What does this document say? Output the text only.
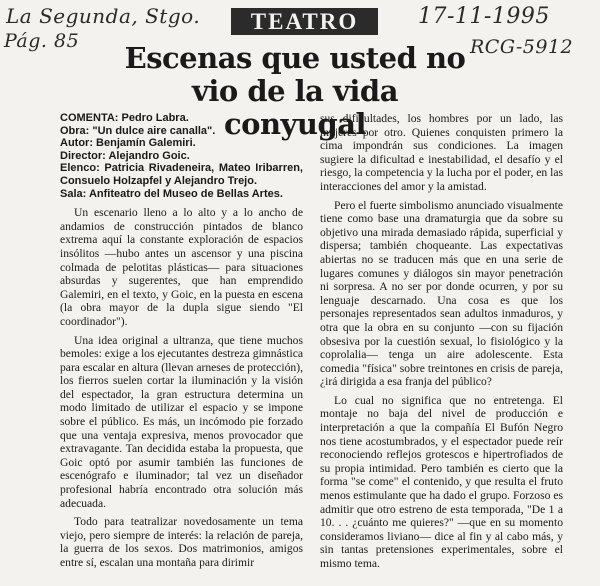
La Segunda, Stgo.
Pág. 85
17-11-1995
RCG-5912
TEATRO
Escenas que usted no vio de la vida conyugal

COMENTA: Pedro Labra.

Obra: "Un dulce aire canalla".

Autor: Benjamín Galemiri.

Director: Alejandro Goic.

Elenco: Patricia Rivadeneira, Mateo Iribarren, Consuelo Holzapfel y Alejandro Trejo.

Sala: Anfiteatro del Museo de Bellas Artes.

Un escenario lleno a lo alto y a lo ancho de andamios de construcción pintados de blanco extrema aquí la constante exploración de espacios insólitos —hubo antes un ascensor y una piscina colmada de pelotitas plásticas— para situaciones absurdas y sugerentes, que han emprendido Galemiri, en el texto, y Goic, en la puesta en escena (la obra mayor de la dupla sigue siendo "El coordinador").

Una idea original a ultranza, que tiene muchos bemoles: exige a los ejecutantes destreza gimnástica para escalar en altura (llevan arneses de protección), los fierros suelen cortar la iluminación y la visión del espectador, la gran estructura determina un modo limitado de utilizar el espacio y se impone sobre el público. Es más, un incómodo pie forzado que una ventaja expresiva, menos provocador que extravagante. Tan decidida estaba la propuesta, que Goic optó por asumir también las funciones de escenógrafo e iluminador; tal vez un diseñador profesional habría encontrado otra solución más adecuada.

Todo para teatralizar novedosamente un tema viejo, pero siempre de interés: la relación de pareja, la guerra de los sexos. Dos matrimonios, amigos entre sí, escalan una montaña para dirimir

sus dificultades, los hombres por un lado, las mujeres por otro. Quienes conquisten primero la cima impondrán sus condiciones. La imagen sugiere la dificultad e inestabilidad, el desafío y el riesgo, la competencia y la lucha por el poder, en las interacciones del amor y la amistad.

Pero el fuerte simbolismo anunciado visualmente tiene como base una dramaturgia que da sobre su objetivo una mirada demasiado rápida, superficial y dispersa; también choqueante. Las expectativas abiertas no se traducen más que en una serie de lugares comunes y diálogos sin mayor penetración ni sorpresa. A no ser por donde ocurren, y por su lenguaje descarnado. Una cosa es que los personajes representados sean adultos inmaduros, y otra que la obra en su conjunto —con su fijación obsesiva por la cuestión sexual, lo fisiológico y la coprolalia— tenga un aire adolescente. Esta comedia "física" sobre treintones en crisis de pareja, ¿irá dirigida a esa franja del público?

Lo cual no significa que no entretenga. El montaje no baja del nivel de producción e interpretación a que la compañía El Bufón Negro nos tiene acostumbrados, y el espectador puede reír reconociendo reflejos grotescos e hipertrofiados de su propia intimidad. Pero también es cierto que la forma "se come" el contenido, y que resulta el fruto menos estimulante que ha dado el grupo. Forzoso es admitir que otro estreno de esta temporada, "De 1 a 10. . . ¿cuánto me quieres?" —que en su momento consideramos liviano— dice al fin y al cabo más, y sin tantas pretensiones experimentales, sobre el mismo tema.
